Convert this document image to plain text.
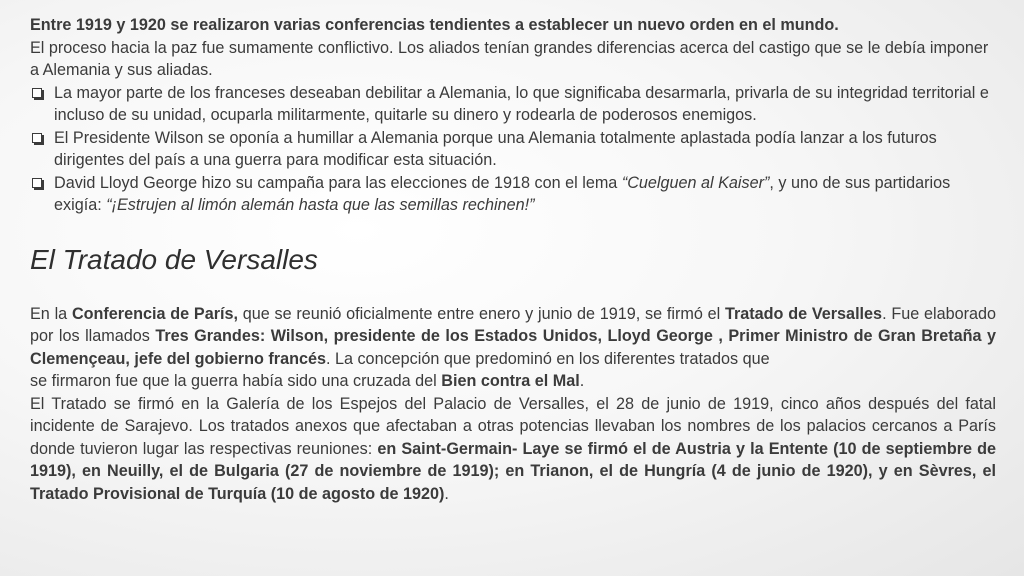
Entre 1919 y 1920 se realizaron varias conferencias tendientes a establecer un nuevo orden en el mundo.

El proceso hacia la paz fue sumamente conflictivo. Los aliados tenían grandes diferencias acerca del castigo que se le debía imponer a Alemania y sus aliadas.

La mayor parte de los franceses deseaban debilitar a Alemania, lo que significaba desarmarla, privarla de su integridad territorial e incluso de su unidad, ocuparla militarmente, quitarle su dinero y rodearla de poderosos enemigos.
El Presidente Wilson se oponía a humillar a Alemania porque una Alemania totalmente aplastada podía lanzar a los futuros dirigentes del país a una guerra para modificar esta situación.
David Lloyd George hizo su campaña para las elecciones de 1918 con el lema “Cuelguen al Kaiser”, y uno de sus partidarios exigía: “¡Estrujen al limón alemán hasta que las semillas rechinen!”
El Tratado de Versalles

En la Conferencia de París, que se reunió oficialmente entre enero y junio de 1919, se firmó el Tratado de Versalles. Fue elaborado por los llamados Tres Grandes: Wilson, presidente de los Estados Unidos, Lloyd George , Primer Ministro de Gran Bretaña y Clemençeau, jefe del gobierno francés. La concepción que predominó en los diferentes tratados que
se firmaron fue que la guerra había sido una cruzada del Bien contra el Mal.

El Tratado se firmó en la Galería de los Espejos del Palacio de Versalles, el 28 de junio de 1919, cinco años después del fatal incidente de Sarajevo. Los tratados anexos que afectaban a otras potencias llevaban los nombres de los palacios cercanos a París donde tuvieron lugar las respectivas reuniones: en Saint-Germain- Laye se firmó el de Austria y la Entente (10 de septiembre de 1919), en Neuilly, el de Bulgaria (27 de noviembre de 1919); en Trianon, el de Hungría (4 de junio de 1920), y en Sèvres, el Tratado Provisional de Turquía (10 de agosto de 1920).
